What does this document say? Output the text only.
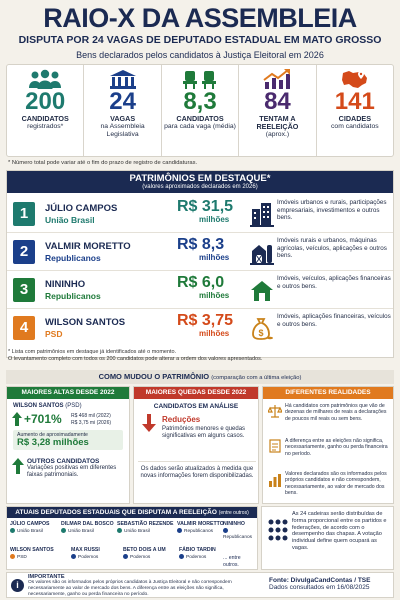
RAIO-X DA ASSEMBLEIA
DISPUTA POR 24 VAGAS DE DEPUTADO ESTADUAL EM MATO GROSSO
Bens declarados pelos candidatos à Justiça Eleitoral em 2026
200
CANDIDATOS
registrados*
24
VAGAS
na Assembleia Legislativa
8,3
CANDIDATOS
para cada vaga (média)
84
TENTAM A REELEIÇÃO
(aprox.)
141
CIDADES
com candidatos
* Número total pode variar até o fim do prazo de registro de candidaturas.
PATRIMÔNIOS EM DESTAQUE*
(valores aproximados declarados em 2026)
1	JÚLIO CAMPOS
União Brasil
R$ 31,5
milhões
Imóveis urbanos e rurais, participações empresariais, investimentos e outros bens.
2	VALMIR MORETTO
Republicanos
R$ 8,3
milhões
Imóveis rurais e urbanos, máquinas agrícolas, veículos, aplicações e outros bens.
3	NININHO
Republicanos
R$ 6,0
milhões
Imóveis, veículos, aplicações financeiras e outros bens.
4	WILSON SANTOS
PSD
R$ 3,75
milhões	$
Imóveis, aplicações financeiras, veículos e outros bens.
* Lista com patrimônios em destaque já identificados até o momento.
O levantamento completo com todos os 200 candidatos pode alterar a ordem dos valores apresentados.
COMO MUDOU O PATRIMÔNIO (comparação com a última eleição)
MAIORES ALTAS DESDE 2022
WILSON SANTOS (PSD)
+701% R$ 468 mil (2022)
R$ 3,75 mi (2026)
Aumento de aproximadamente
R$ 3,28 milhões
OUTROS CANDIDATOS
Variações positivas em diferentes faixas patrimoniais.
MAIORES QUEDAS DESDE 2022
CANDIDATOS EM ANÁLISE
Reduções
Patrimônios menores e quedas significativas em alguns casos.
Os dados serão atualizados à medida que novas informações forem disponibilizadas.
DIFERENTES REALIDADES
Há candidatos com patrimônios que vão de dezenas de milhares de reais a declarações de poucos mil reais ou sem bens.
A diferença entre as eleições não significa, necessariamente, ganho ou perda financeira no período.
Valores declarados são os informados pelos próprios candidatos e não correspondem, necessariamente, ao valor de mercado dos bens.
ATUAIS DEPUTADOS ESTADUAIS QUE DISPUTAM A REELEIÇÃO (entre outros)
JÚLIO CAMPOS
União Brasil
DILMAR DAL BOSCO
União Brasil
SEBASTIÃO REZENDE
União Brasil
VALMIR MORETTO
Republicanos
NININHO
Republicanos
WILSON SANTOS
PSD
MAX RUSSI
Podemos
BETO DOIS A UM
Podemos
FÁBIO TARDIN
Podemos	... entre outros.
As 24 cadeiras serão distribuídas de forma proporcional entre os partidos e federações, de acordo com o desempenho das chapas. A votação individual define quem ocupará as vagas.
i
IMPORTANTE
Os valores são os informados pelos próprios candidatos à Justiça Eleitoral e não correspondem necessariamente ao valor de mercado dos bens. A diferença entre as eleições não significa, necessariamente, ganho ou perda financeira no período.
Fonte: DivulgaCandContas / TSE
Dados consultados em 16/08/2025
